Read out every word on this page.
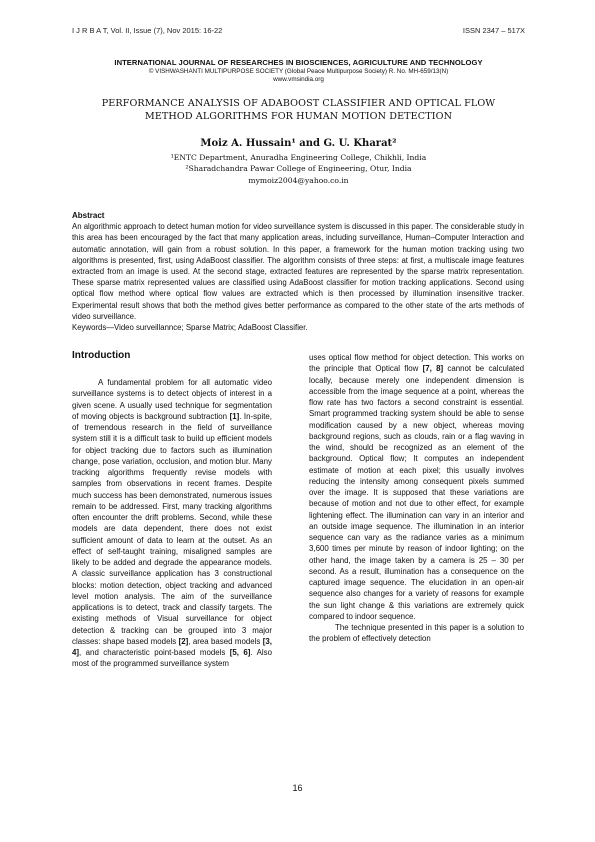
I J R B A T, Vol. II, Issue (7), Nov 2015: 16-22	ISSN 2347 – 517X
INTERNATIONAL JOURNAL OF RESEARCHES IN BIOSCIENCES, AGRICULTURE AND TECHNOLOGY
© VISHWASHANTI MULTIPURPOSE SOCIETY (Global Peace Multipurpose Society) R. No. MH-659/13(N)
www.vmsindia.org
PERFORMANCE ANALYSIS OF ADABOOST CLASSIFIER AND OPTICAL FLOW
METHOD ALGORITHMS FOR HUMAN MOTION DETECTION
Moiz A. Hussain¹ and G. U. Kharat²
¹ENTC Department, Anuradha Engineering College, Chikhli, India
²Sharadchandra Pawar College of Engineering, Otur, India
mymoiz2004@yahoo.co.in
Abstract
An algorithmic approach to detect human motion for video surveillance system is discussed in this paper. The considerable study in this area has been encouraged by the fact that many application areas, including surveillance, Human–Computer Interaction and automatic annotation, will gain from a robust solution. In this paper, a framework for the human motion tracking using two algorithms is presented, first, using AdaBoost classifier. The algorithm consists of three steps: at first, a multiscale image features extracted from an image is used. At the second stage, extracted features are represented by the sparse matrix representation. These sparse matrix represented values are classified using AdaBoost classifier for motion tracking applications. Second using optical flow method where optical flow values are extracted which is then processed by illumination insensitive tracker. Experimental result shows that both the method gives better performance as compared to the other state of the arts methods of video surveillance.
Keywords—Video surveillannce; Sparse Matrix; AdaBoost Classifier.
Introduction

A fundamental problem for all automatic video surveillance systems is to detect objects of interest in a given scene. A usually used technique for segmentation of moving objects is background subtraction [1]. In-spite, of tremendous research in the field of surveillance system still it is a difficult task to build up efficient models for object tracking due to factors such as illumination change, pose variation, occlusion, and motion blur. Many tracking algorithms frequently revise models with samples from observations in recent frames. Despite much success has been demonstrated, numerous issues remain to be addressed. First, many tracking algorithms often encounter the drift problems. Second, while these models are data dependent, there does not exist sufficient amount of data to learn at the outset. As an effect of self-taught training, misaligned samples are likely to be added and degrade the appearance models. A classic surveillance application has 3 constructional blocks: motion detection, object tracking and advanced level motion analysis. The aim of the surveillance applications is to detect, track and classify targets. The existing methods of Visual surveillance for object detection & tracking can be grouped into 3 major classes: shape based models [2], area based models [3, 4], and characteristic point-based models [5, 6]. Also most of the programmed surveillance system

uses optical flow method for object detection. This works on the principle that Optical flow [7, 8] cannot be calculated locally, because merely one independent dimension is accessible from the image sequence at a point, whereas the flow rate has two factors a second constraint is essential. Smart programmed tracking system should be able to sense modification caused by a new object, whereas moving background regions, such as clouds, rain or a flag waving in the wind, should be recognized as an element of the background. Optical flow; It computes an independent estimate of motion at each pixel; this usually involves reducing the intensity among consequent pixels summed over the image. It is supposed that these variations are because of motion and not due to other effect, for example lightening effect. The illumination can vary in an interior and an outside image sequence. The illumination in an interior sequence can vary as the radiance varies as a minimum 3,600 times per minute by reason of indoor lighting; on the other hand, the image taken by a camera is 25 – 30 per second. As a result, illumination has a consequence on the captured image sequence. The elucidation in an open-air sequence also changes for a variety of reasons for example the sun light change & this variations are extremely quick compared to indoor sequence.

The technique presented in this paper is a solution to the problem of effectively detection

16
